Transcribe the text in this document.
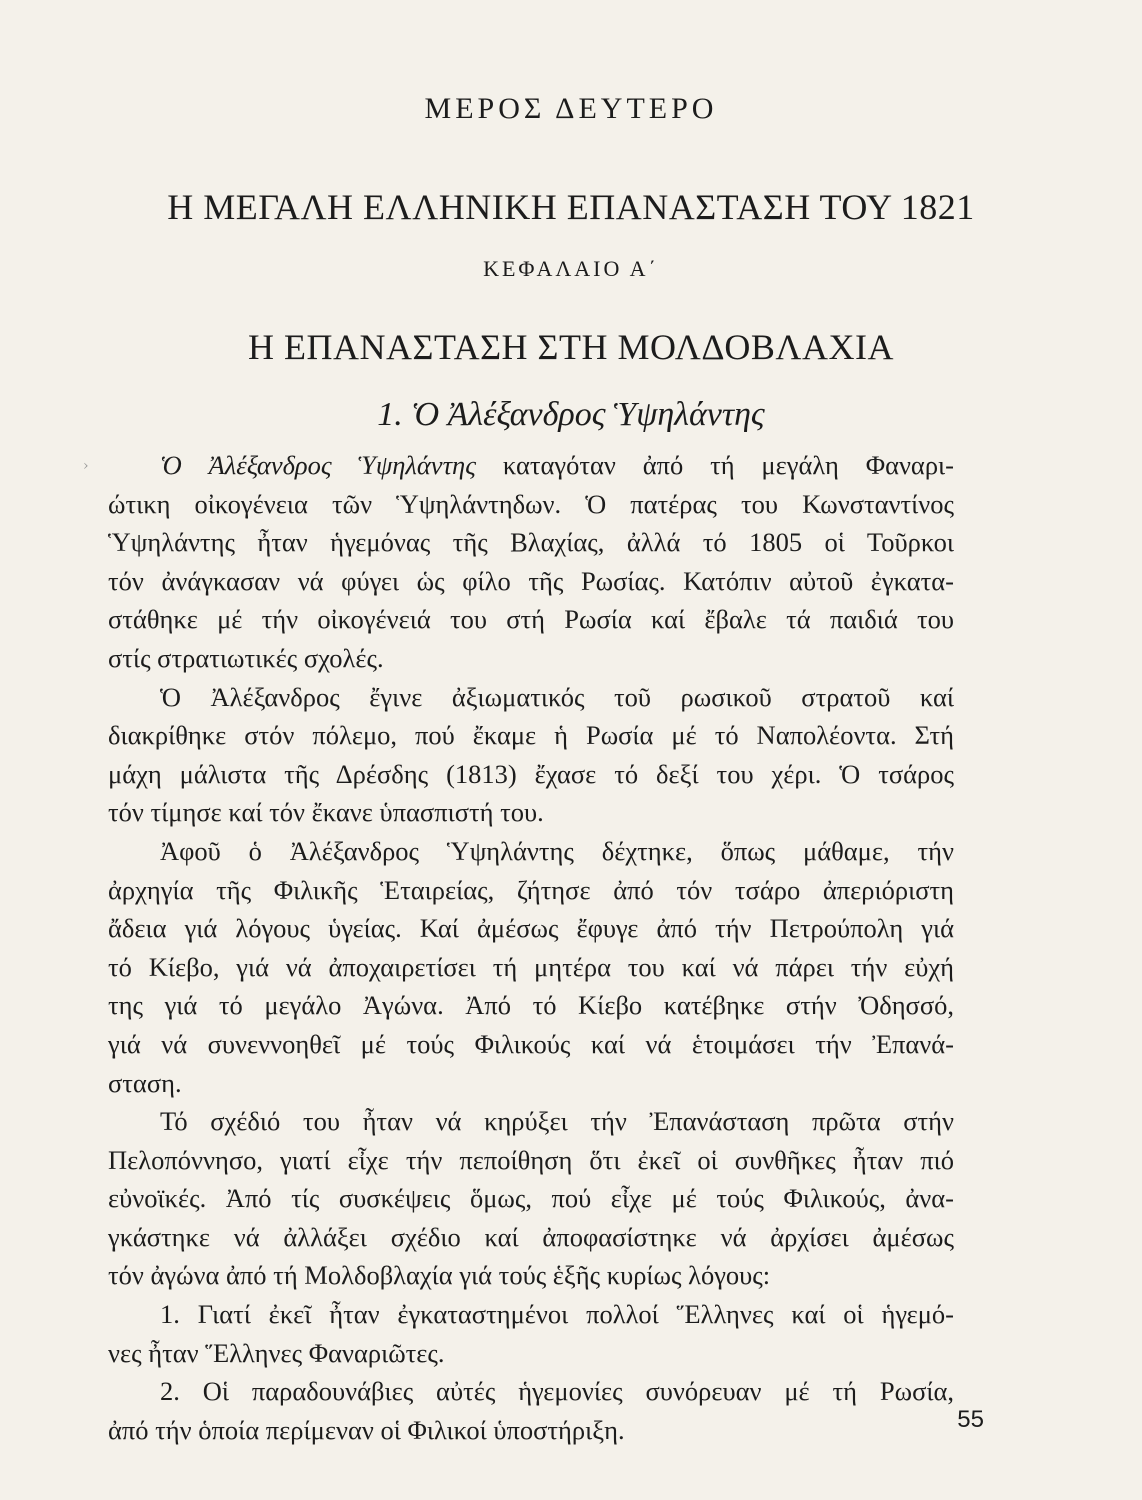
ΜΕΡΟΣ ΔΕΥΤΕΡΟ
Η ΜΕΓΑΛΗ ΕΛΛΗΝΙΚΗ ΕΠΑΝΑΣΤΑΣΗ ΤΟΥ 1821
ΚΕΦΑΛΑΙΟ Α΄
Η ΕΠΑΝΑΣΤΑΣΗ ΣΤΗ ΜΟΛΔΟΒΛΑΧΙΑ
1. Ὁ Ἀλέξανδρος Ὑψηλάντης
›	Ὁ Ἀλέξανδρος Ὑψηλάντης καταγόταν ἀπό τή μεγάλη Φαναρι-
ώτικη οἰκογένεια τῶν Ὑψηλάντηδων. Ὁ πατέρας του Κωνσταντίνος
Ὑψηλάντης ἦταν ἡγεμόνας τῆς Βλαχίας, ἀλλά τό 1805 οἱ Τοῦρκοι
τόν ἀνάγκασαν νά φύγει ὡς φίλο τῆς Ρωσίας. Κατόπιν αὐτοῦ ἐγκατα-
στάθηκε μέ τήν οἰκογένειά του στή Ρωσία καί ἔβαλε τά παιδιά του
στίς στρατιωτικές σχολές.
Ὁ Ἀλέξανδρος ἔγινε ἀξιωματικός τοῦ ρωσικοῦ στρατοῦ καί
διακρίθηκε στόν πόλεμο, πού ἔκαμε ἡ Ρωσία μέ τό Ναπολέοντα. Στή
μάχη μάλιστα τῆς Δρέσδης (1813) ἔχασε τό δεξί του χέρι. Ὁ τσάρος
τόν τίμησε καί τόν ἔκανε ὑπασπιστή του.
Ἀφοῦ ὁ Ἀλέξανδρος Ὑψηλάντης δέχτηκε, ὅπως μάθαμε, τήν
ἀρχηγία τῆς Φιλικῆς Ἑταιρείας, ζήτησε ἀπό τόν τσάρο ἀπεριόριστη
ἄδεια γιά λόγους ὑγείας. Καί ἀμέσως ἔφυγε ἀπό τήν Πετρούπολη γιά
τό Κίεβο, γιά νά ἀποχαιρετίσει τή μητέρα του καί νά πάρει τήν εὐχή
της γιά τό μεγάλο Ἀγώνα. Ἀπό τό Κίεβο κατέβηκε στήν Ὀδησσό,
γιά νά συνεννοηθεῖ μέ τούς Φιλικούς καί νά ἑτοιμάσει τήν Ἐπανά-
σταση.
Τό σχέδιό του ἦταν νά κηρύξει τήν Ἐπανάσταση πρῶτα στήν
Πελοπόννησο, γιατί εἶχε τήν πεποίθηση ὅτι ἐκεῖ οἱ συνθῆκες ἦταν πιό
εὐνοϊκές. Ἀπό τίς συσκέψεις ὅμως, πού εἶχε μέ τούς Φιλικούς, ἀνα-
γκάστηκε νά ἀλλάξει σχέδιο καί ἀποφασίστηκε νά ἀρχίσει ἀμέσως
τόν ἀγώνα ἀπό τή Μολδοβλαχία γιά τούς ἑξῆς κυρίως λόγους:
1. Γιατί ἐκεῖ ἦταν ἐγκαταστημένοι πολλοί Ἕλληνες καί οἱ ἡγεμό-
νες ἦταν Ἕλληνες Φαναριῶτες.
2. Οἱ παραδουνάβιες αὐτές ἡγεμονίες συνόρευαν μέ τή Ρωσία,
ἀπό τήν ὁποία περίμεναν οἱ Φιλικοί ὑποστήριξη.	55
